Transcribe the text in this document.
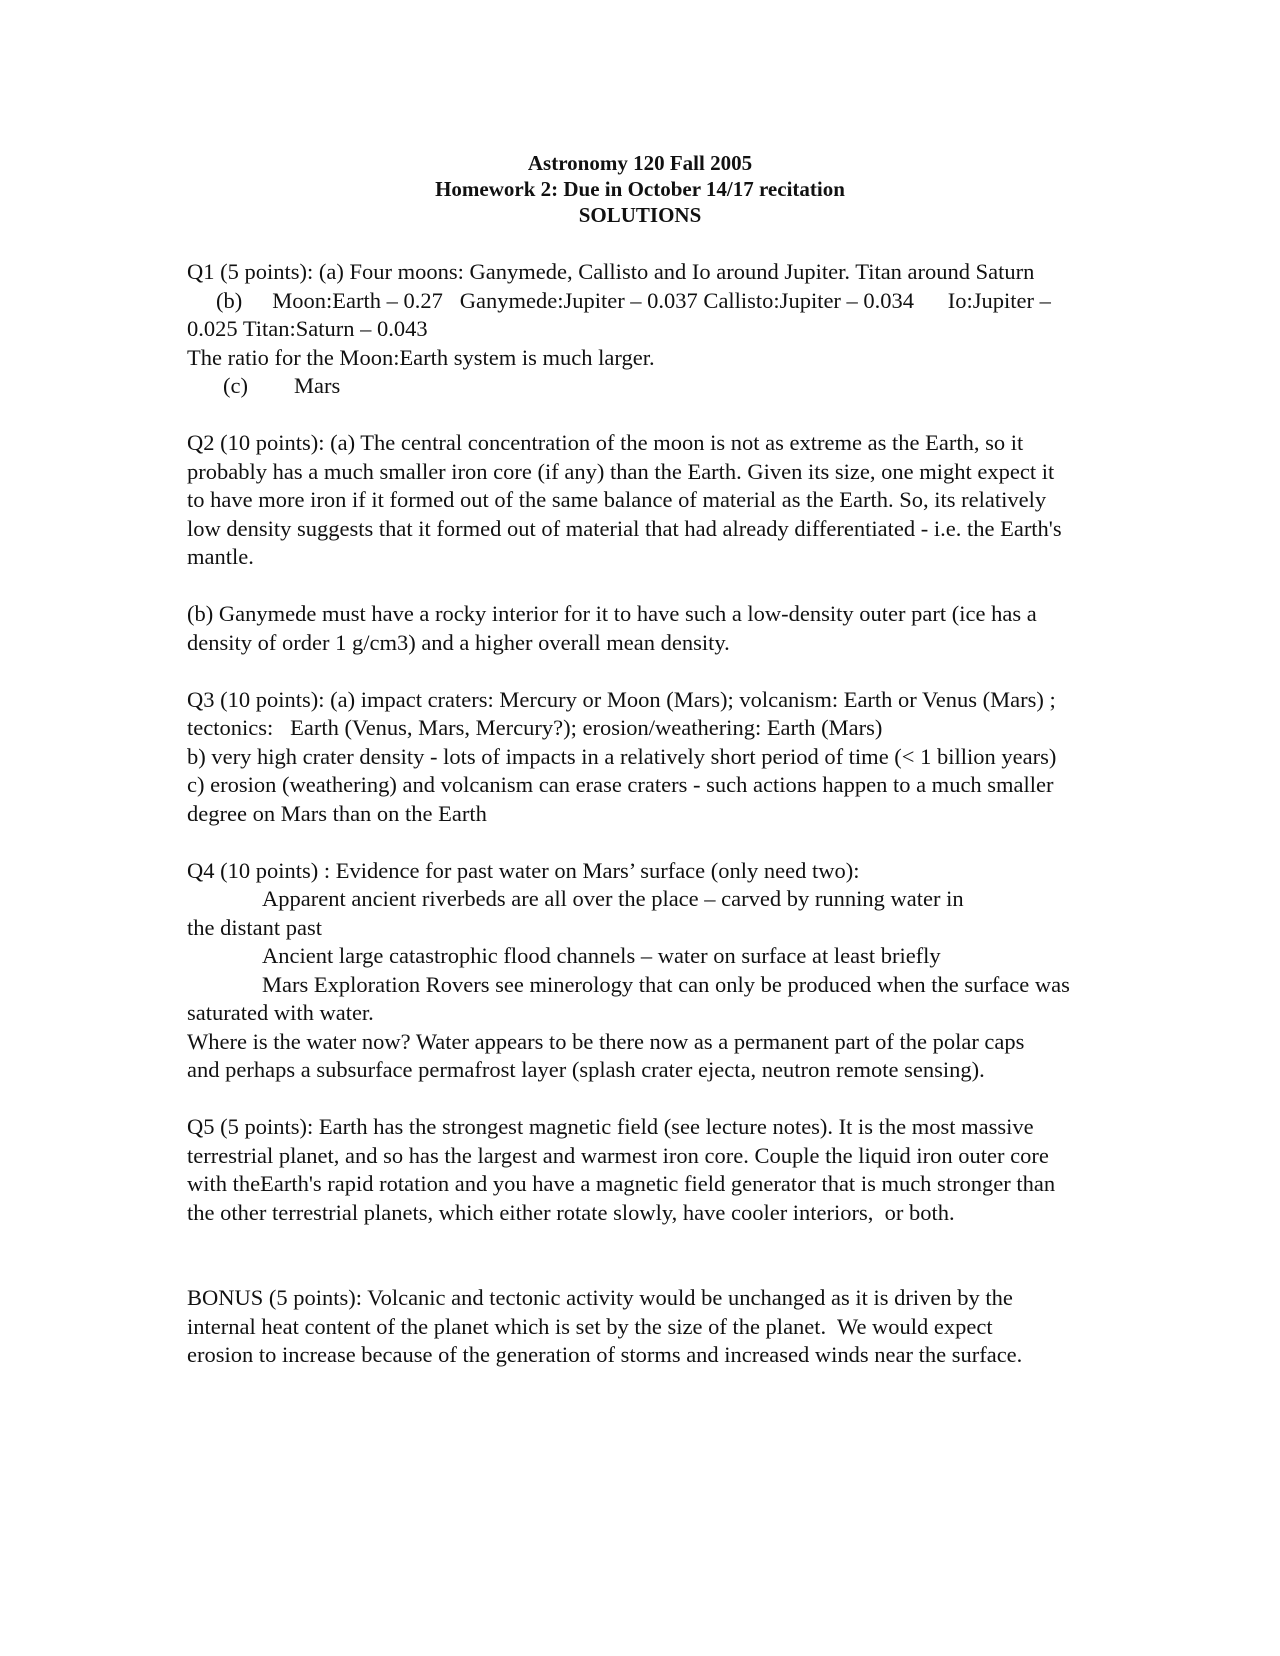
Astronomy 120 Fall 2005
Homework 2: Due in October 14/17 recitation
SOLUTIONS
Q1 (5 points): (a) Four moons: Ganymede, Callisto and Io around Jupiter. Titan around Saturn
(b) Moon:Earth – 0.27   Ganymede:Jupiter – 0.037 Callisto:Jupiter – 0.034      Io:Jupiter –
0.025 Titan:Saturn – 0.043
The ratio for the Moon:Earth system is much larger.
(c) Mars
Q2 (10 points): (a) The central concentration of the moon is not as extreme as the Earth, so it
probably has a much smaller iron core (if any) than the Earth. Given its size, one might expect it
to have more iron if it formed out of the same balance of material as the Earth. So, its relatively
low density suggests that it formed out of material that had already differentiated - i.e. the Earth's
mantle.
(b) Ganymede must have a rocky interior for it to have such a low-density outer part (ice has a
density of order 1 g/cm3) and a higher overall mean density.
Q3 (10 points): (a) impact craters: Mercury or Moon (Mars); volcanism: Earth or Venus (Mars) ;
tectonics:   Earth (Venus, Mars, Mercury?); erosion/weathering: Earth (Mars)
b) very high crater density - lots of impacts in a relatively short period of time (< 1 billion years)
c) erosion (weathering) and volcanism can erase craters - such actions happen to a much smaller
degree on Mars than on the Earth
Q4 (10 points) : Evidence for past water on Mars’ surface (only need two):
Apparent ancient riverbeds are all over the place – carved by running water in
the distant past
Ancient large catastrophic flood channels – water on surface at least briefly
Mars Exploration Rovers see minerology that can only be produced when the surface was
saturated with water.
Where is the water now? Water appears to be there now as a permanent part of the polar caps
and perhaps a subsurface permafrost layer (splash crater ejecta, neutron remote sensing).
Q5 (5 points): Earth has the strongest magnetic field (see lecture notes). It is the most massive
terrestrial planet, and so has the largest and warmest iron core. Couple the liquid iron outer core
with theEarth's rapid rotation and you have a magnetic field generator that is much stronger than
the other terrestrial planets, which either rotate slowly, have cooler interiors,  or both.
BONUS (5 points): Volcanic and tectonic activity would be unchanged as it is driven by the
internal heat content of the planet which is set by the size of the planet.  We would expect
erosion to increase because of the generation of storms and increased winds near the surface.
